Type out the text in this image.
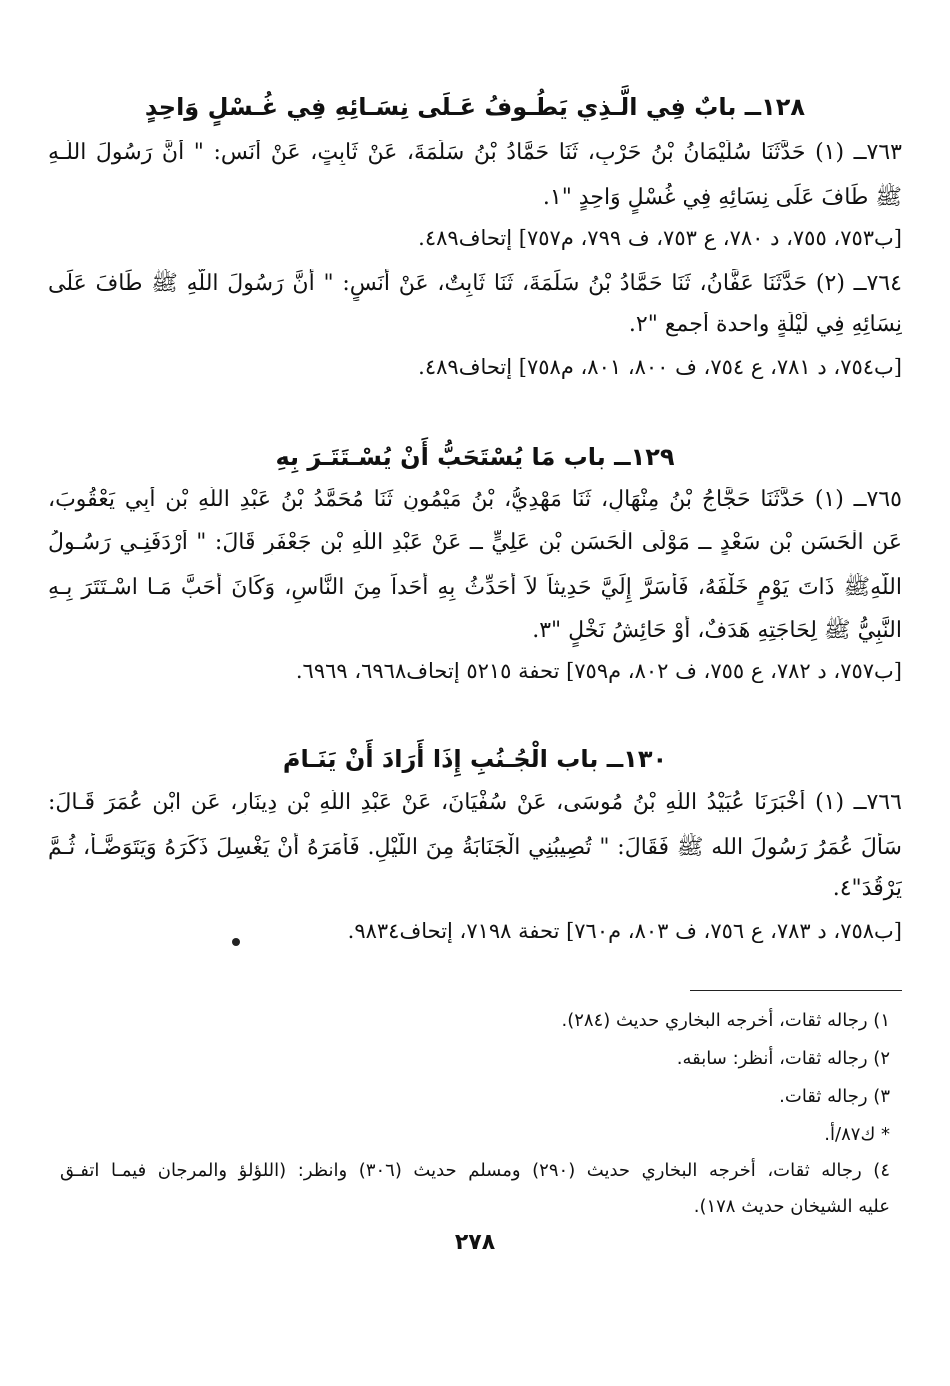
١٢٨ــ بابٌ فِي الَّـذِي يَطُـوفُ عَـلَى نِسَـائِهِ فِي غُـسْلٍ وَاحِدٍ
٧٦٣ــ (١) حَدَّثَنَا سُلَيْمَانُ بْنُ حَرْبٍ، ثَنَا حَمَّادُ بْنُ سَلَمَةَ، عَنْ ثَابِتٍ، عَنْ أَنَسٍ: " أَنَّ رَسُولَ اللَّـهِ
ﷺ طَافَ عَلَى نِسَائِهِ فِي غُسْلٍ وَاحِدٍ "١.
[ب٧٥٣، ٧٥٥، د ٧٨٠، ع ٧٥٣، ف ٧٩٩، م٧٥٧] إتحاف٤٨٩.
٧٦٤ــ (٢) حَدَّثَنَا عَفَّانُ، ثَنَا حَمَّادُ بْنُ سَلَمَةَ، ثَنَا ثَابِتٌ، عَنْ أَنَسٍ: " أَنَّ رَسُولَ اللَّهِ ﷺ طَافَ عَلَى
نِسَائِهِ فِي لَيْلَةٍ واحدة أجمع "٢.
[ب٧٥٤، د ٧٨١، ع ٧٥٤، ف ٨٠٠، ٨٠١، م٧٥٨] إتحاف٤٨٩.
١٢٩ــ باب مَا يُسْتَحَبُّ أَنْ يُسْـتَتَـرَ بِهِ
٧٦٥ــ (١) حَدَّثَنَا حَجَّاجُ بْنُ مِنْهَالٍ، ثَنَا مَهْدِيُّ، بْنُ مَيْمُونٍ ثَنَا مُحَمَّدُ بْنُ عَبْدِ اللَّهِ بْنِ أَبِي يَعْقُوبَ،
عَنِ الْحَسَنِ بْنِ سَعْدٍ ــ مَوْلَى الْحَسَنِ بْنِ عَلِيٍّ ــ عَنْ عَبْدِ اللَّهِ بْنِ جَعْفَرٍ قَالَ: " أَرْدَفَنِـي رَسُـولُ
اللَّهِﷺ ذَاتَ يَوْمٍ خَلْفَهُ، فَأَسَرَّ إِلَيَّ حَدِيثاً لاَ أُحَدِّثُ بِهِ أَحَداً مِنَ النَّاسِ، وَكَانَ أَحَبَّ مَـا اسْـتَتَرَ بِـهِ
النَّبِيُّ ﷺ لِحَاجَتِهِ هَدَفٌ، أَوْ حَائِشُ نَخْلٍ "٣.
[ب٧٥٧، د ٧٨٢، ع ٧٥٥، ف ٨٠٢، م٧٥٩] تحفة ٥٢١٥ إتحاف٦٩٦٨، ٦٩٦٩.
١٣٠ــ باب الْجُـنُبِ إِذَا أَرَادَ أَنْ يَنَـامَ
٧٦٦ــ (١) أَخْبَرَنَا عُبَيْدُ اللَّهِ بْنُ مُوسَى، عَنْ سُفْيَانَ، عَنْ عَبْدِ اللَّهِ بْنِ دِينَارٍ، عَنِ ابْنِ عُمَرَ قَـالَ:
سَأَلَ عُمَرُ رَسُولَ الله ﷺ فَقَالَ: " تُصِيبُنِي الْجَنَابَةُ مِنَ اللَّيْلِ. فَأَمَرَهُ أَنْ يَغْسِلَ ذَكَرَهُ وَيَتَوَضَّـأَ، ثُـمَّ
يَرْقُدَ"٤.
[ب٧٥٨، د ٧٨٣، ع ٧٥٦، ف ٨٠٣، م٧٦٠] تحفة ٧١٩٨، إتحاف٩٨٣٤.
١) رجاله ثقات، أخرجه البخاري حديث (٢٨٤).
٢) رجاله ثقات، أنظر: سابقه.
٣) رجاله ثقات.
* ك٨٧/أ.
٤) رجاله ثقات، أخرجه البخاري حديث (٢٩٠) ومسلم حديث (٣٠٦) وانظر: (اللؤلؤ والمرجان فيمـا اتفـق
عليه الشيخان حديث ١٧٨).
٢٧٨
